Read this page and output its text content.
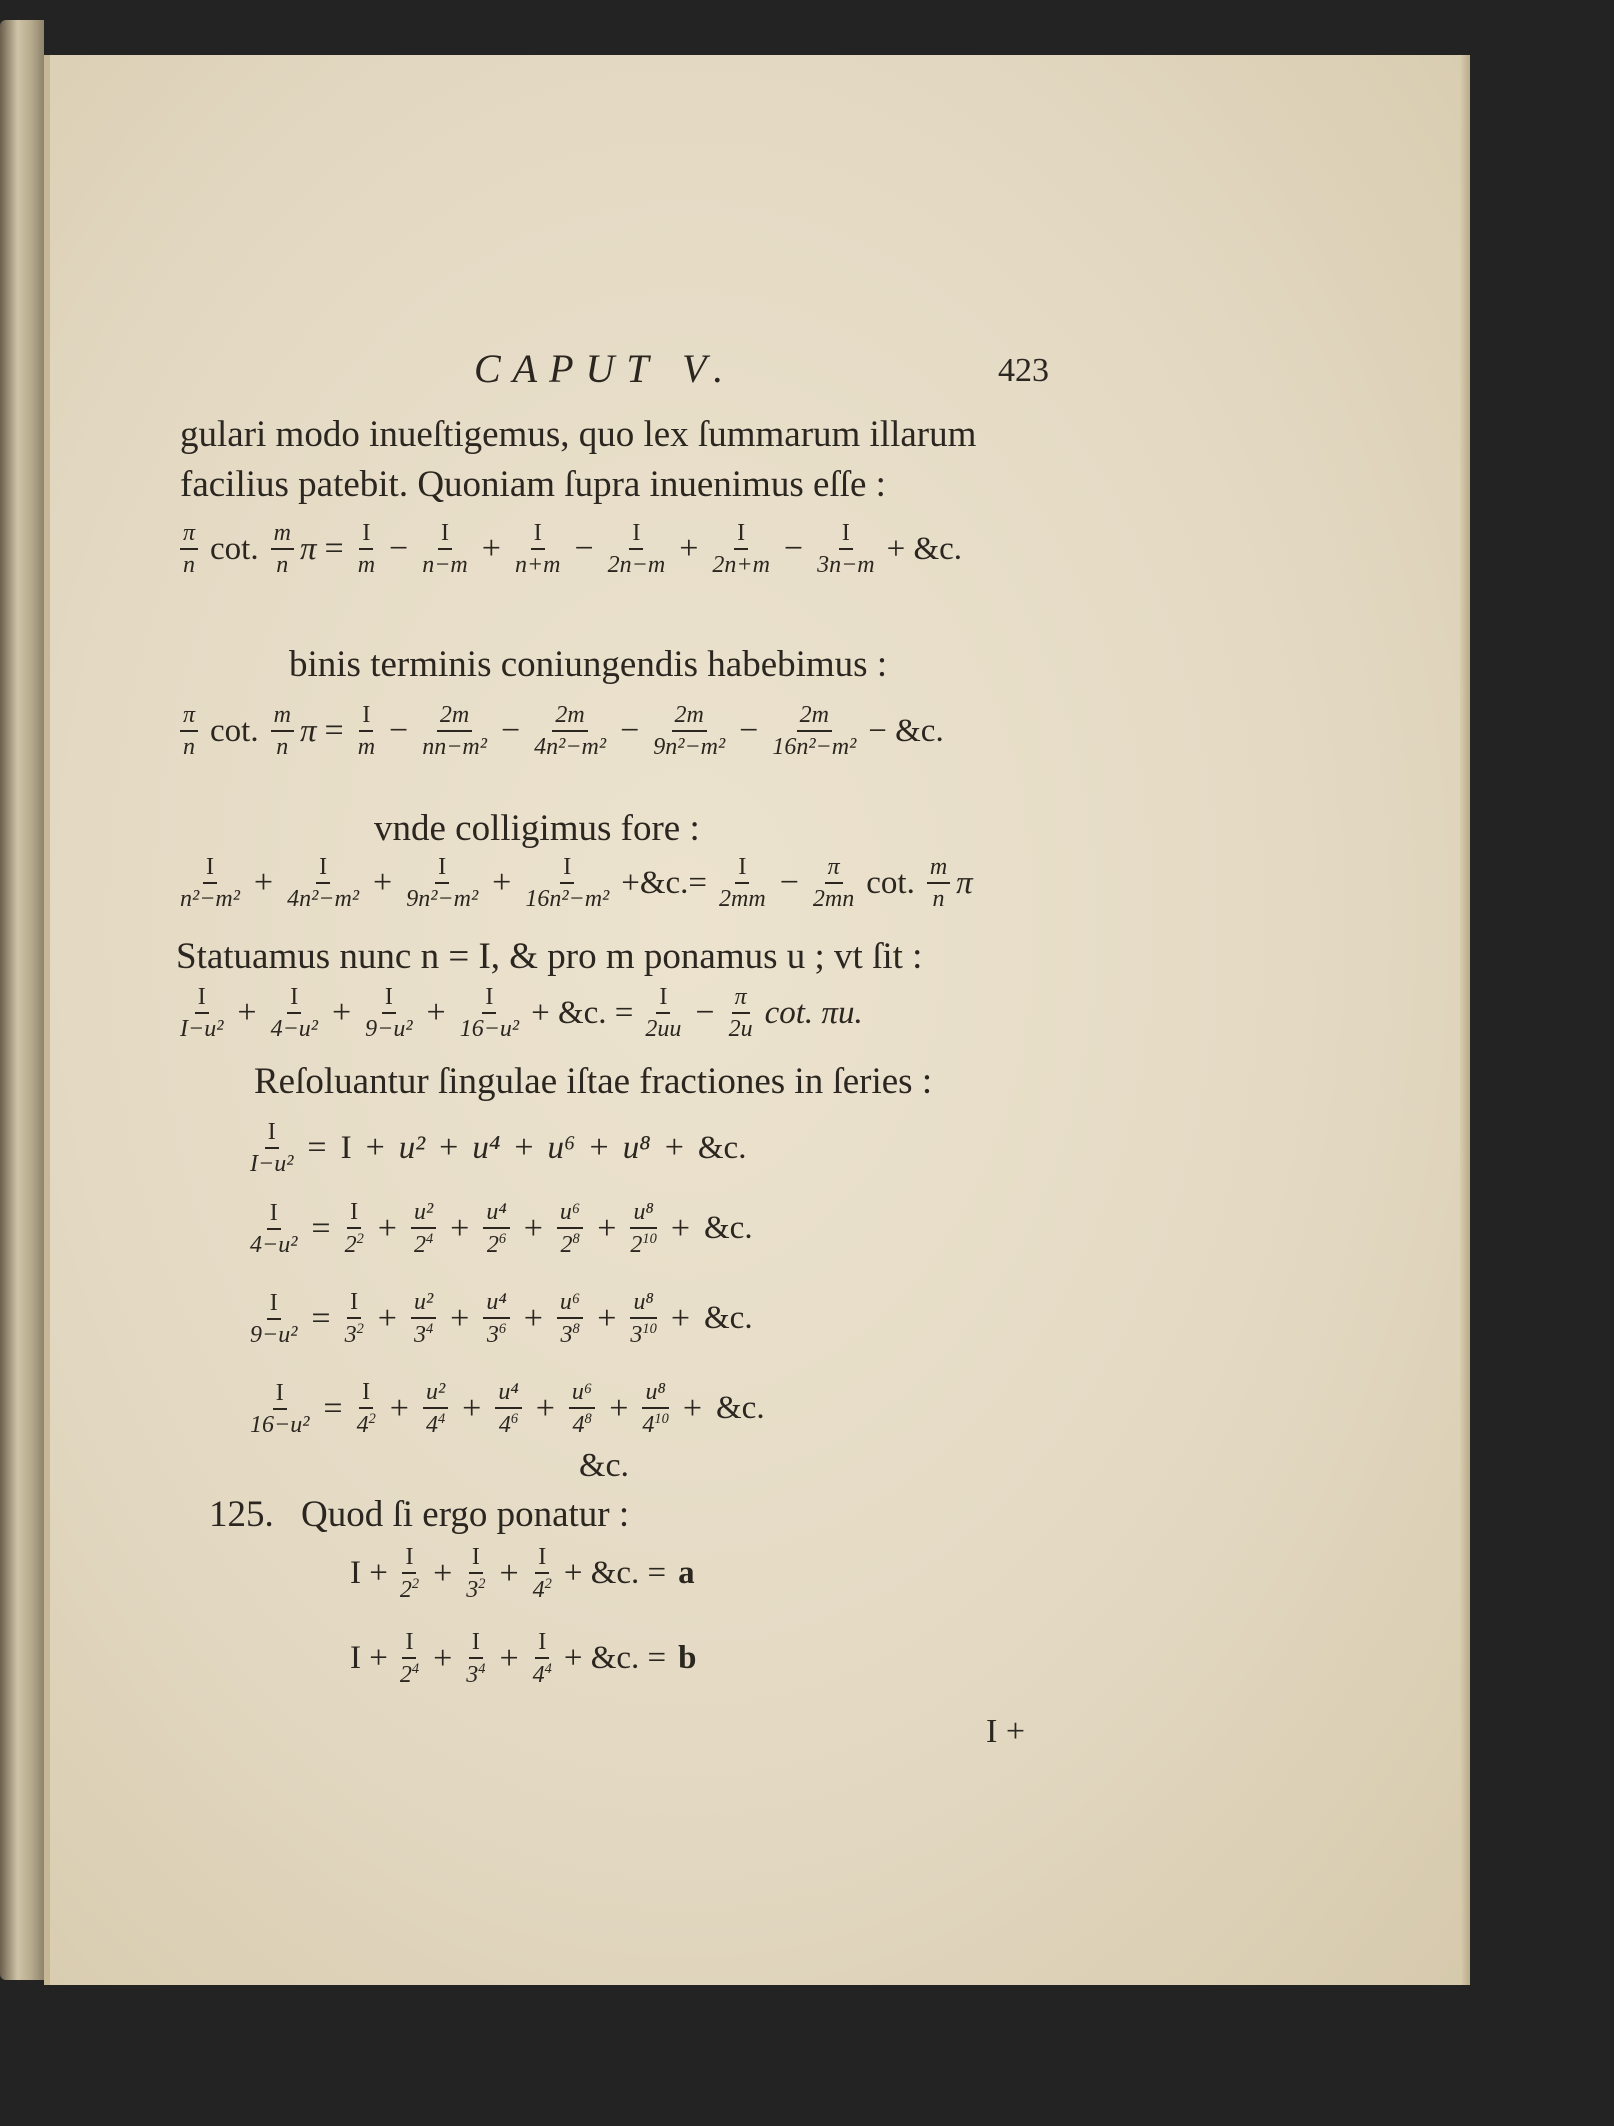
CAPUT V.	423
gulari modo inueſtigemus, quo lex ſummarum illarum
facilius patebit. Quoniam ſupra inuenimus eſſe :
π
n cot. m
n $\pi = \frac{I}{m} - \frac{I}{n-m} + \frac{I}{n+m} - \frac{I}{2n-m} + \frac{I}{2n+m} - \frac{I}{3n-m}$ + &c.
binis terminis coniungendis habebimus :
π
n cot. m
n $\pi = \frac{I}{m} - \frac{2m}{\text{nn−m²}} - \frac{2m}{\text{4n²−m²}} - \frac{2m}{\text{9n²−m²}} - \frac{2m}{\text{16n²−m²}}$ − &c.
vnde colligimus fore :
I
$n^2-m^2 + \frac{I}{\text{4n²−m²}} + \frac{I}{\text{9n²−m²}} + \frac{I}{\text{16n²−m²}}$ +&c.= $\frac{I}{2mm} - \frac{\pi}{2mn} \cot$. m
n π
Statuamus nunc n = I, & pro m ponamus u ; vt ſit :
I
$I-u^2 + \frac{I}{\text{4−u²}} + \frac{I}{\text{9−u²}} + \frac{I}{\text{16−u²}}$ + &c. = $\frac{I}{2uu} - \frac{\pi}{2u} \cot$. πu.
Reſoluantur ſingulae iſtae fractiones in ſeries :
$\frac{I}{\text{I−u²}} = I + u^2 + u^4 + u^6 + u^8$ + &c.
$\frac{I}{\text{4−u²}} = \frac{I}{2^2} + \frac{\text{u²}}{2^4} + \frac{\text{u⁴}}{2^6} + \frac{\text{u⁶}}{2^8} + \frac{\text{u⁸}}{2^{10}}$ + &c.
$\frac{I}{\text{9−u²}} = \frac{I}{3^2} + \frac{\text{u²}}{3^4} + \frac{\text{u⁴}}{3^6} + \frac{\text{u⁶}}{3^8} + \frac{\text{u⁸}}{3^{10}}$ + &c.
$\frac{I}{\text{16−u²}} = \frac{I}{4^2} + \frac{\text{u²}}{4^4} + \frac{\text{u⁴}}{4^6} + \frac{\text{u⁶}}{4^8} + \frac{\text{u⁸}}{4^{10}}$ + &c.
&c.
125. Quod ſi ergo ponatur :
$I + \frac{I}{2^2} + \frac{I}{3^2} + \frac{I}{4^2}$ + &c. = a
$I + \frac{I}{2^4} + \frac{I}{3^4} + \frac{I}{4^4}$ + &c. = b
I +
